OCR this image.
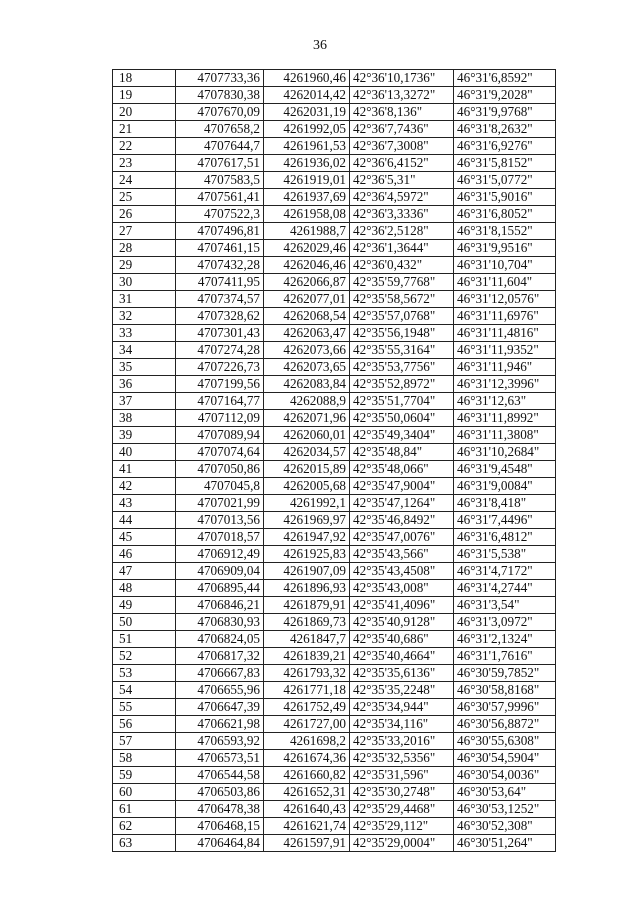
36
18	4707733,36	4261960,46	42°36'10,1736"	46°31'6,8592"
19	4707830,38	4262014,42	42°36'13,3272"	46°31'9,2028"
20	4707670,09	4262031,19	42°36'8,136"	46°31'9,9768"
21	4707658,2	4261992,05	42°36'7,7436"	46°31'8,2632"
22	4707644,7	4261961,53	42°36'7,3008"	46°31'6,9276"
23	4707617,51	4261936,02	42°36'6,4152"	46°31'5,8152"
24	4707583,5	4261919,01	42°36'5,31"	46°31'5,0772"
25	4707561,41	4261937,69	42°36'4,5972"	46°31'5,9016"
26	4707522,3	4261958,08	42°36'3,3336"	46°31'6,8052"
27	4707496,81	4261988,7	42°36'2,5128"	46°31'8,1552"
28	4707461,15	4262029,46	42°36'1,3644"	46°31'9,9516"
29	4707432,28	4262046,46	42°36'0,432"	46°31'10,704"
30	4707411,95	4262066,87	42°35'59,7768"	46°31'11,604"
31	4707374,57	4262077,01	42°35'58,5672"	46°31'12,0576"
32	4707328,62	4262068,54	42°35'57,0768"	46°31'11,6976"
33	4707301,43	4262063,47	42°35'56,1948"	46°31'11,4816"
34	4707274,28	4262073,66	42°35'55,3164"	46°31'11,9352"
35	4707226,73	4262073,65	42°35'53,7756"	46°31'11,946"
36	4707199,56	4262083,84	42°35'52,8972"	46°31'12,3996"
37	4707164,77	4262088,9	42°35'51,7704"	46°31'12,63"
38	4707112,09	4262071,96	42°35'50,0604"	46°31'11,8992"
39	4707089,94	4262060,01	42°35'49,3404"	46°31'11,3808"
40	4707074,64	4262034,57	42°35'48,84"	46°31'10,2684"
41	4707050,86	4262015,89	42°35'48,066"	46°31'9,4548"
42	4707045,8	4262005,68	42°35'47,9004"	46°31'9,0084"
43	4707021,99	4261992,1	42°35'47,1264"	46°31'8,418"
44	4707013,56	4261969,97	42°35'46,8492"	46°31'7,4496"
45	4707018,57	4261947,92	42°35'47,0076"	46°31'6,4812"
46	4706912,49	4261925,83	42°35'43,566"	46°31'5,538"
47	4706909,04	4261907,09	42°35'43,4508"	46°31'4,7172"
48	4706895,44	4261896,93	42°35'43,008"	46°31'4,2744"
49	4706846,21	4261879,91	42°35'41,4096"	46°31'3,54"
50	4706830,93	4261869,73	42°35'40,9128"	46°31'3,0972"
51	4706824,05	4261847,7	42°35'40,686"	46°31'2,1324"
52	4706817,32	4261839,21	42°35'40,4664"	46°31'1,7616"
53	4706667,83	4261793,32	42°35'35,6136"	46°30'59,7852"
54	4706655,96	4261771,18	42°35'35,2248"	46°30'58,8168"
55	4706647,39	4261752,49	42°35'34,944"	46°30'57,9996"
56	4706621,98	4261727,00	42°35'34,116"	46°30'56,8872"
57	4706593,92	4261698,2	42°35'33,2016"	46°30'55,6308"
58	4706573,51	4261674,36	42°35'32,5356"	46°30'54,5904"
59	4706544,58	4261660,82	42°35'31,596"	46°30'54,0036"
60	4706503,86	4261652,31	42°35'30,2748"	46°30'53,64"
61	4706478,38	4261640,43	42°35'29,4468"	46°30'53,1252"
62	4706468,15	4261621,74	42°35'29,112"	46°30'52,308"
63	4706464,84	4261597,91	42°35'29,0004"	46°30'51,264"
